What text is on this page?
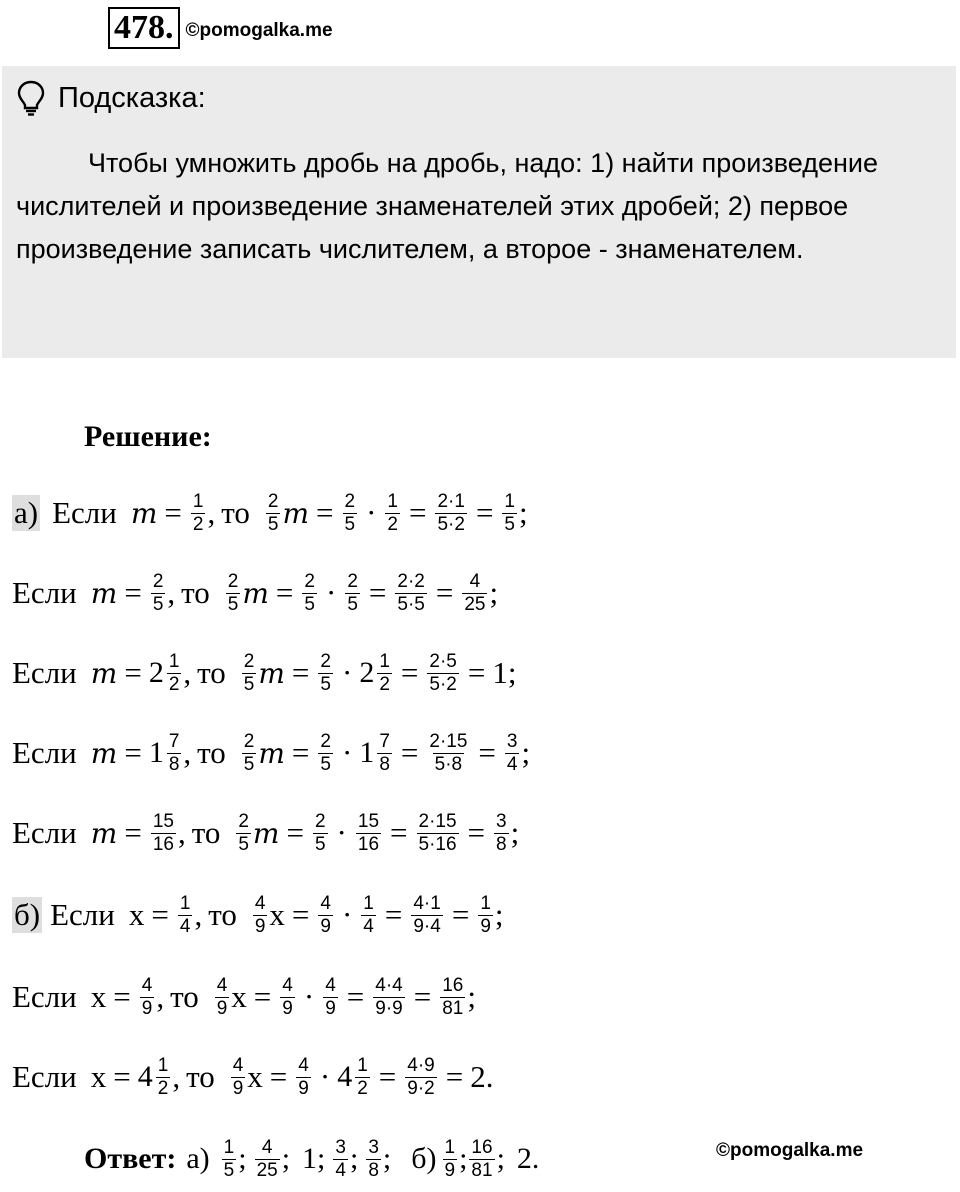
478. ©pomogalka.me
Подсказка:
Чтобы умножить дробь на дробь, надо: 1) найти произведение числителей и произведение знаменателей этих дробей; 2) первое произведение записать числителем, а второе - знаменателем.
Решение:
а) Если $m = \frac{1}{2}$ , то $\frac{2}{5}$ $m = \frac{2}{5} \cdot \frac{1}{2} = \frac{2\cdot 1}{5\cdot 2} = \frac{1}{5}$ ;
Если $m = \frac{2}{5}$ , то $\frac{2}{5}$ $m = \frac{2}{5} \cdot \frac{2}{5} = \frac{2\cdot 2}{5\cdot 5} = \frac{4}{25}$ ;
Если $m = 2 \frac{1}{2}$ , то $\frac{2}{5}$ $m = \frac{2}{5} \cdot 2 \frac{1}{2} = \frac{2\cdot 5}{5\cdot 2} = 1$ ;
Если $m = 1 \frac{7}{8}$ , то $\frac{2}{5}$ $m = \frac{2}{5} \cdot 1 \frac{7}{8} = \frac{2\cdot 15}{5\cdot 8} = \frac{3}{4}$ ;
Если $m = \frac{15}{16}$ , то $\frac{2}{5}$ $m = \frac{2}{5} \cdot \frac{15}{16} = \frac{2\cdot 15}{5\cdot 16} = \frac{3}{8}$ ;
б) Если $x = \frac{1}{4}$ , то $\frac{4}{9}$ $x = \frac{4}{9} \cdot \frac{1}{4} = \frac{4\cdot 1}{9\cdot 4} = \frac{1}{9}$ ;
Если $x = \frac{4}{9}$ , то $\frac{4}{9}$ $x = \frac{4}{9} \cdot \frac{4}{9} = \frac{4\cdot 4}{9\cdot 9} = \frac{16}{81}$ ;
Если $x = 4 \frac{1}{2}$ , то $\frac{4}{9}$ $x = \frac{4}{9} \cdot 4 \frac{1}{2} = \frac{4\cdot 9}{9\cdot 2} = 2$ .
Ответ: $а) \frac{1}{5}$ ; $\frac{4}{25}$ ; 1 ; $\frac{3}{4}$ ; $\frac{3}{8}$ ; $б) \frac{1}{9}$ ; $\frac{16}{81}$ ; 2 .	©pomogalka.me
